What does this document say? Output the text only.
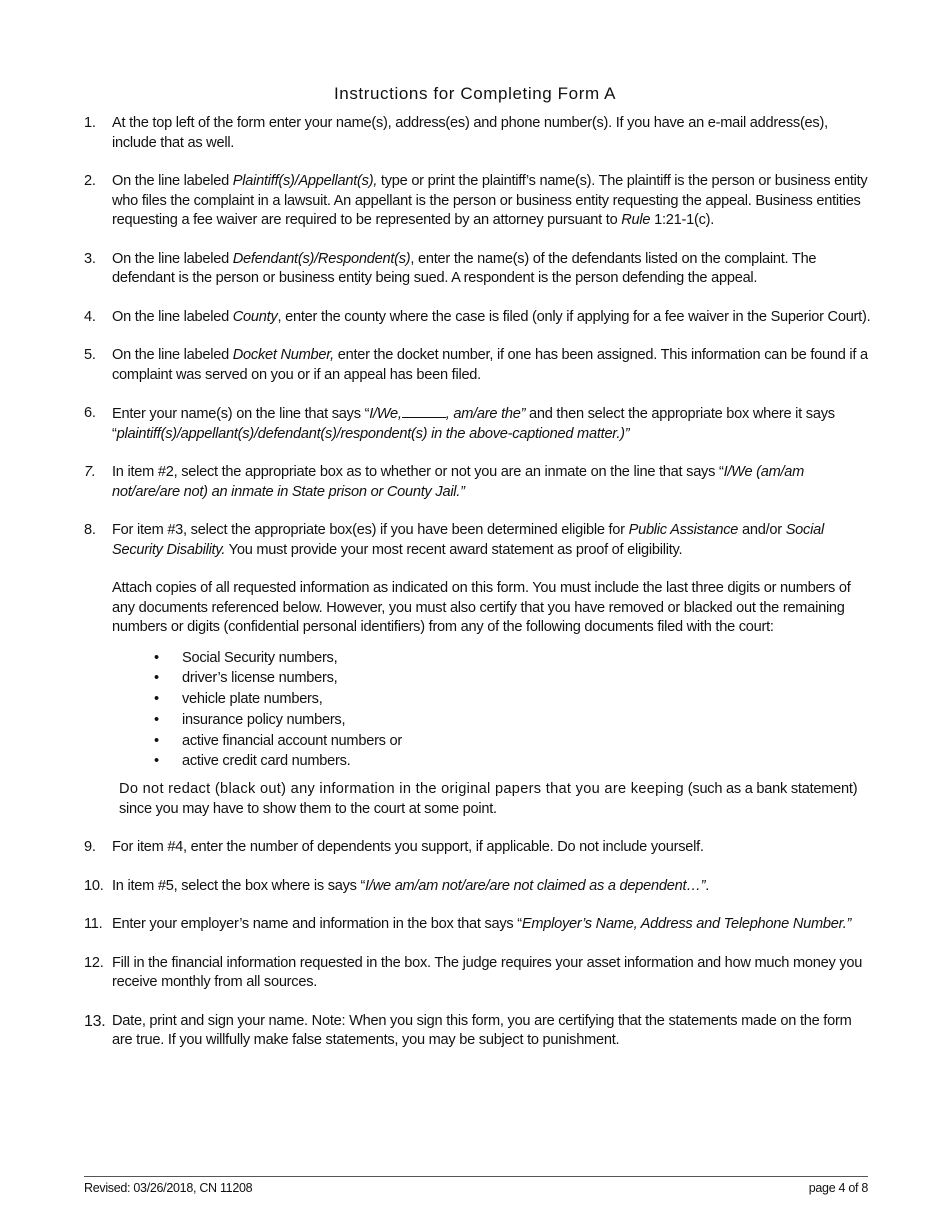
Instructions for Completing Form A
1. At the top left of the form enter your name(s), address(es) and phone number(s). If you have an e-mail address(es), include that as well.
2. On the line labeled Plaintiff(s)/Appellant(s), type or print the plaintiff’s name(s). The plaintiff is the person or business entity who files the complaint in a lawsuit. An appellant is the person or business entity requesting the appeal. Business entities requesting a fee waiver are required to be represented by an attorney pursuant to Rule 1:21-1(c).
3. On the line labeled Defendant(s)/Respondent(s), enter the name(s) of the defendants listed on the complaint. The defendant is the person or business entity being sued. A respondent is the person defending the appeal.
4. On the line labeled County, enter the county where the case is filed (only if applying for a fee waiver in the Superior Court).
5. On the line labeled Docket Number, enter the docket number, if one has been assigned. This information can be found if a complaint was served on you or if an appeal has been filed.
6. Enter your name(s) on the line that says “I/We,	, am/are the” and then select the appropriate box where it says “plaintiff(s)/appellant(s)/defendant(s)/respondent(s) in the above-captioned matter.)”
7. In item #2, select the appropriate box as to whether or not you are an inmate on the line that says “I/We (am/am not/are/are not) an inmate in State prison or County Jail.”
8. For item #3, select the appropriate box(es) if you have been determined eligible for Public Assistance and/or Social Security Disability. You must provide your most recent award statement as proof of eligibility.
Attach copies of all requested information as indicated on this form. You must include the last three digits or numbers of any documents referenced below. However, you must also certify that you have removed or blacked out the remaining numbers or digits (confidential personal identifiers) from any of the following documents filed with the court:
• Social Security numbers,
• driver’s license numbers,
• vehicle plate numbers,
• insurance policy numbers,
• active financial account numbers or
• active credit card numbers.
Do not redact (black out) any information in the original papers that you are keeping (such as a bank statement) since you may have to show them to the court at some point.
9. For item #4, enter the number of dependents you support, if applicable. Do not include yourself.
10. In item #5, select the box where is says “I/we am/am not/are/are not claimed as a dependent…”.
11. Enter your employer’s name and information in the box that says “Employer’s Name, Address and Telephone Number.”
12. Fill in the financial information requested in the box. The judge requires your asset information and how much money you receive monthly from all sources.
13. Date, print and sign your name. Note: When you sign this form, you are certifying that the statements made on the form are true. If you willfully make false statements, you may be subject to punishment.
Revised: 03/26/2018, CN 11208	page 4 of 8
